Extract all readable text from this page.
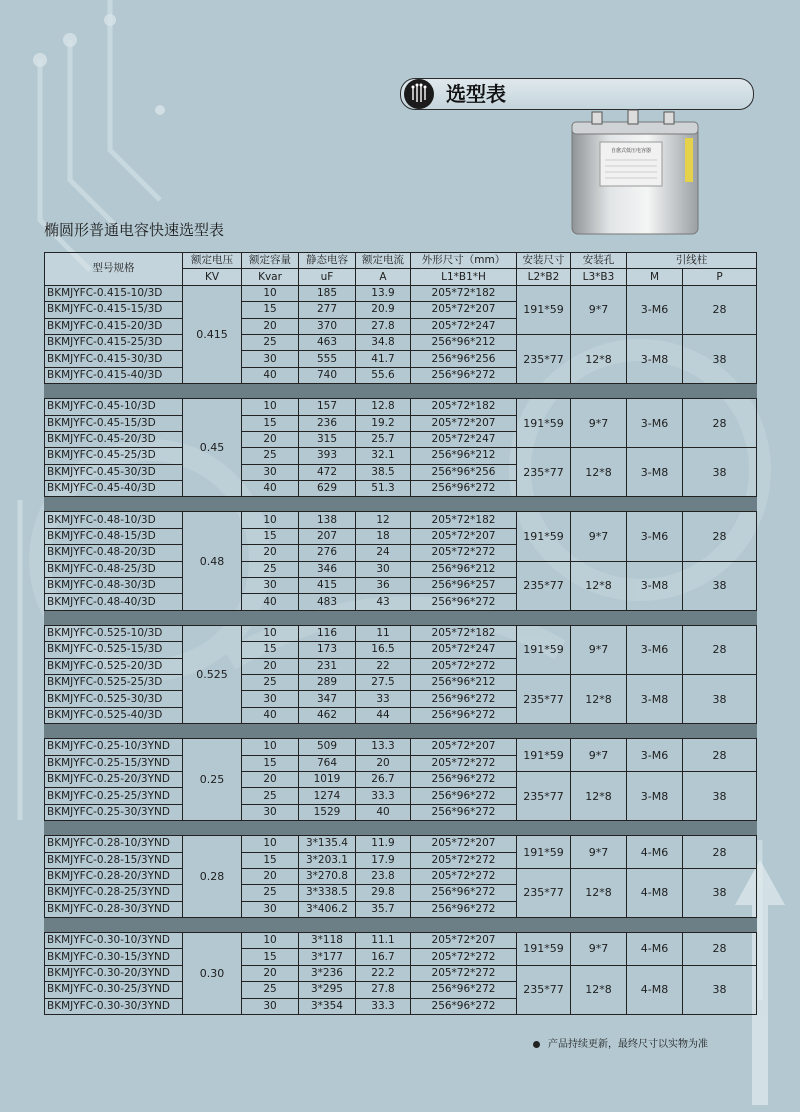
选型表
自愈式低压电容器
椭圆形普通电容快速选型表
型号规格	额定电压	额定容量	静态电容	额定电流	外形尺寸（mm）	安装尺寸	安装孔	引线柱	
	KV	Kvar	uF	A	L1*B1*H	L2*B2	L3*B3	M	P
BKMJYFC-0.415-10/3D	0.415	10	185	13.9	205*72*182	191*59	9*7	3-M6	28
BKMJYFC-0.415-15/3D		15	277	20.9	205*72*207				
BKMJYFC-0.415-20/3D		20	370	27.8	205*72*247				
BKMJYFC-0.415-25/3D		25	463	34.8	256*96*212	235*77	12*8	3-M8	38
BKMJYFC-0.415-30/3D		30	555	41.7	256*96*256				
BKMJYFC-0.415-40/3D		40	740	55.6	256*96*272				

BKMJYFC-0.45-10/3D	0.45	10	157	12.8	205*72*182	191*59	9*7	3-M6	28
BKMJYFC-0.45-15/3D		15	236	19.2	205*72*207				
BKMJYFC-0.45-20/3D		20	315	25.7	205*72*247				
BKMJYFC-0.45-25/3D		25	393	32.1	256*96*212	235*77	12*8	3-M8	38
BKMJYFC-0.45-30/3D		30	472	38.5	256*96*256				
BKMJYFC-0.45-40/3D		40	629	51.3	256*96*272				

BKMJYFC-0.48-10/3D	0.48	10	138	12	205*72*182	191*59	9*7	3-M6	28
BKMJYFC-0.48-15/3D		15	207	18	205*72*207				
BKMJYFC-0.48-20/3D		20	276	24	205*72*272				
BKMJYFC-0.48-25/3D		25	346	30	256*96*212	235*77	12*8	3-M8	38
BKMJYFC-0.48-30/3D		30	415	36	256*96*257				
BKMJYFC-0.48-40/3D		40	483	43	256*96*272				

BKMJYFC-0.525-10/3D	0.525	10	116	11	205*72*182	191*59	9*7	3-M6	28
BKMJYFC-0.525-15/3D		15	173	16.5	205*72*247				
BKMJYFC-0.525-20/3D		20	231	22	205*72*272				
BKMJYFC-0.525-25/3D		25	289	27.5	256*96*212	235*77	12*8	3-M8	38
BKMJYFC-0.525-30/3D		30	347	33	256*96*272				
BKMJYFC-0.525-40/3D		40	462	44	256*96*272				

BKMJYFC-0.25-10/3YND	0.25	10	509	13.3	205*72*207	191*59	9*7	3-M6	28
BKMJYFC-0.25-15/3YND		15	764	20	205*72*272				
BKMJYFC-0.25-20/3YND		20	1019	26.7	256*96*272	235*77	12*8	3-M8	38
BKMJYFC-0.25-25/3YND		25	1274	33.3	256*96*272				
BKMJYFC-0.25-30/3YND		30	1529	40	256*96*272				

BKMJYFC-0.28-10/3YND	0.28	10	3*135.4	11.9	205*72*207	191*59	9*7	4-M6	28
BKMJYFC-0.28-15/3YND		15	3*203.1	17.9	205*72*272				
BKMJYFC-0.28-20/3YND		20	3*270.8	23.8	205*72*272	235*77	12*8	4-M8	38
BKMJYFC-0.28-25/3YND		25	3*338.5	29.8	256*96*272				
BKMJYFC-0.28-30/3YND		30	3*406.2	35.7	256*96*272				

BKMJYFC-0.30-10/3YND	0.30	10	3*118	11.1	205*72*207	191*59	9*7	4-M6	28
BKMJYFC-0.30-15/3YND		15	3*177	16.7	205*72*272				
BKMJYFC-0.30-20/3YND		20	3*236	22.2	205*72*272	235*77	12*8	4-M8	38
BKMJYFC-0.30-25/3YND		25	3*295	27.8	256*96*272				
BKMJYFC-0.30-30/3YND		30	3*354	33.3	256*96*272				
产品持续更新，最终尺寸以实物为准
